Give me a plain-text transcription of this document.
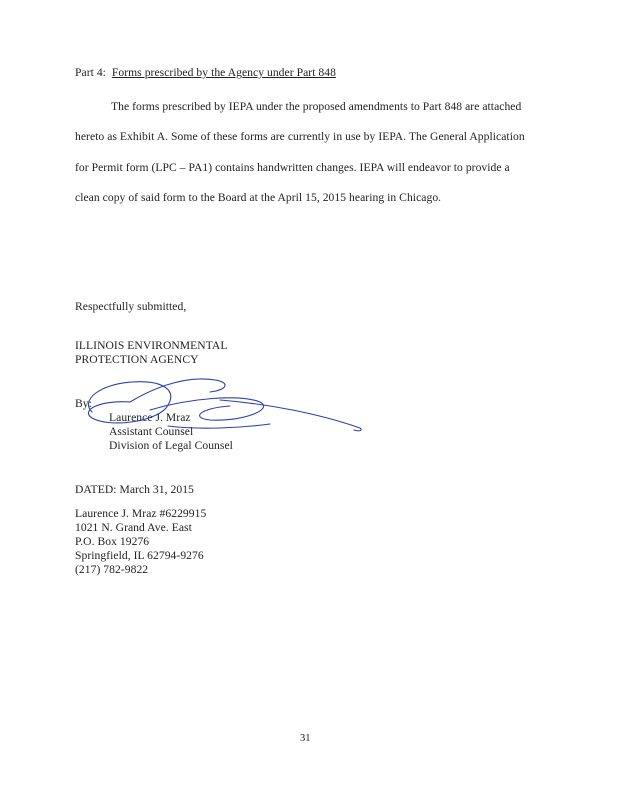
Part 4: Forms prescribed by the Agency under Part 848
The forms prescribed by IEPA under the proposed amendments to Part 848 are attached
hereto as Exhibit A. Some of these forms are currently in use by IEPA. The General Application
for Permit form (LPC – PA1) contains handwritten changes. IEPA will endeavor to provide a
clean copy of said form to the Board at the April 15, 2015 hearing in Chicago.
Respectfully submitted,
ILLINOIS ENVIRONMENTAL
PROTECTION AGENCY
By:
Laurence J. Mraz
Assistant Counsel
Division of Legal Counsel
DATED: March 31, 2015
Laurence J. Mraz #6229915
1021 N. Grand Ave. East
P.O. Box 19276
Springfield, IL 62794-9276
(217) 782-9822
31
